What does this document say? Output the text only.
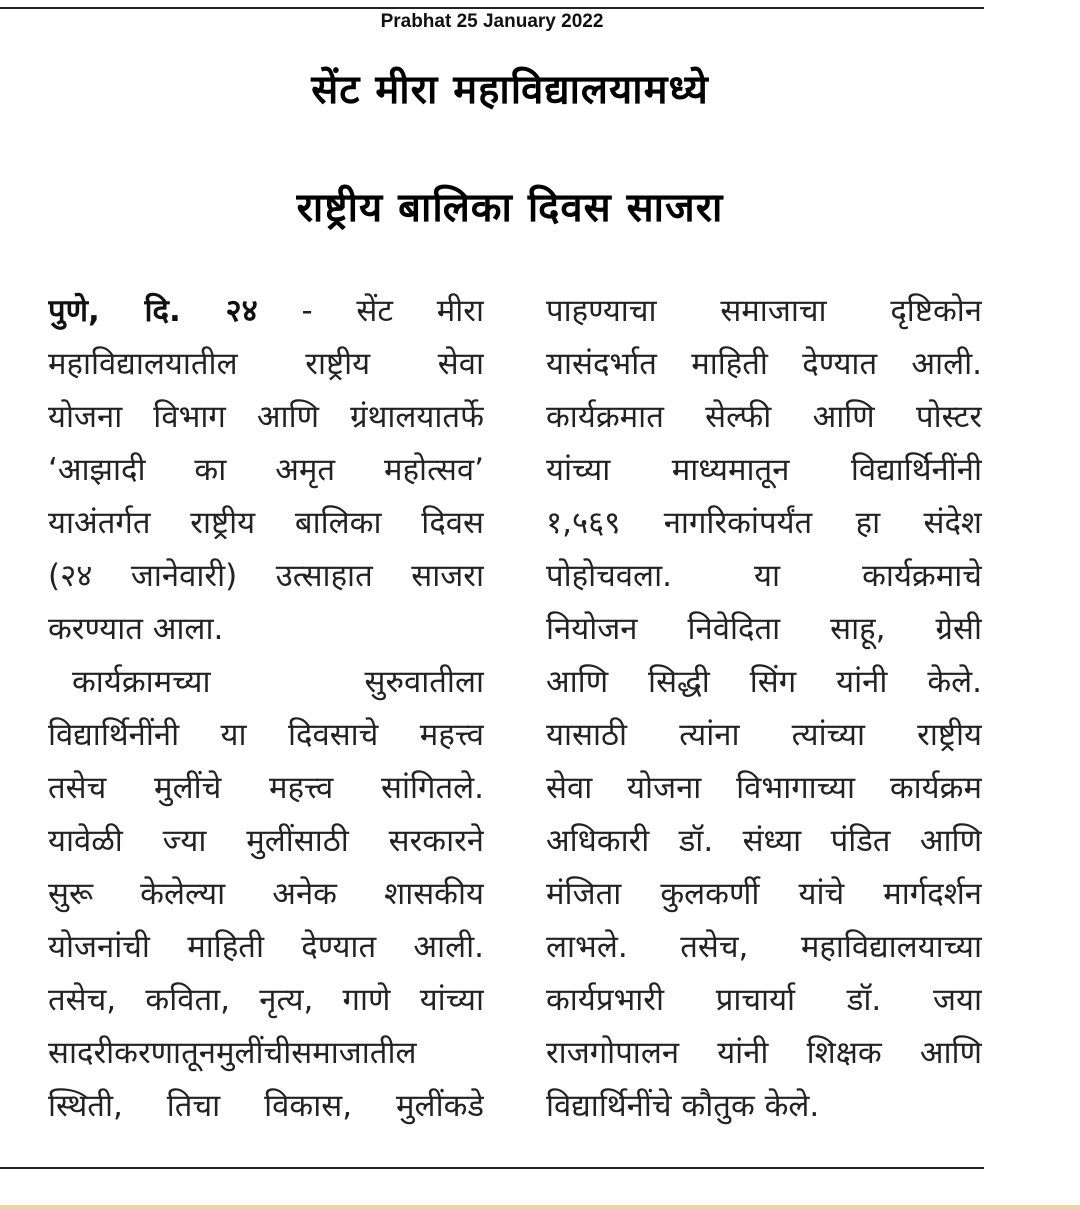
Prabhat 25 January 2022
सेंट मीरा महाविद्यालयामध्ये
राष्ट्रीय बालिका दिवस साजरा
पुणे, दि. २४ - सेंट मीरा
महाविद्यालयातील राष्ट्रीय सेवा
योजना विभाग आणि ग्रंथालयातर्फे
‘आझादी का अमृत महोत्सव’
याअंतर्गत राष्ट्रीय बालिका दिवस
(२४ जानेवारी) उत्साहात साजरा
करण्यात आला.
कार्यक्रामच्या सुरुवातीला
विद्यार्थिनींनी या दिवसाचे महत्त्व
तसेच मुलींचे महत्त्व सांगितले.
यावेळी ज्या मुलींसाठी सरकारने
सुरू केलेल्या अनेक शासकीय
योजनांची माहिती देण्यात आली.
तसेच, कविता, नृत्य, गाणे यांच्या
सादरीकरणातूनमुलींचीसमाजातील
स्थिती, तिचा विकास, मुलींकडे
पाहण्याचा समाजाचा दृष्टिकोन
यासंदर्भात माहिती देण्यात आली.
कार्यक्रमात सेल्फी आणि पोस्टर
यांच्या माध्यमातून विद्यार्थिनींनी
१,५६९ नागरिकांपर्यंत हा संदेश
पोहोचवला. या कार्यक्रमाचे
नियोजन निवेदिता साहू, ग्रेसी
आणि सिद्धी सिंग यांनी केले.
यासाठी त्यांना त्यांच्या राष्ट्रीय
सेवा योजना विभागाच्या कार्यक्रम
अधिकारी डॉ. संध्या पंडित आणि
मंजिता कुलकर्णी यांचे मार्गदर्शन
लाभले. तसेच, महाविद्यालयाच्या
कार्यप्रभारी प्राचार्या डॉ. जया
राजगोपालन यांनी शिक्षक आणि
विद्यार्थिनींचे कौतुक केले.
